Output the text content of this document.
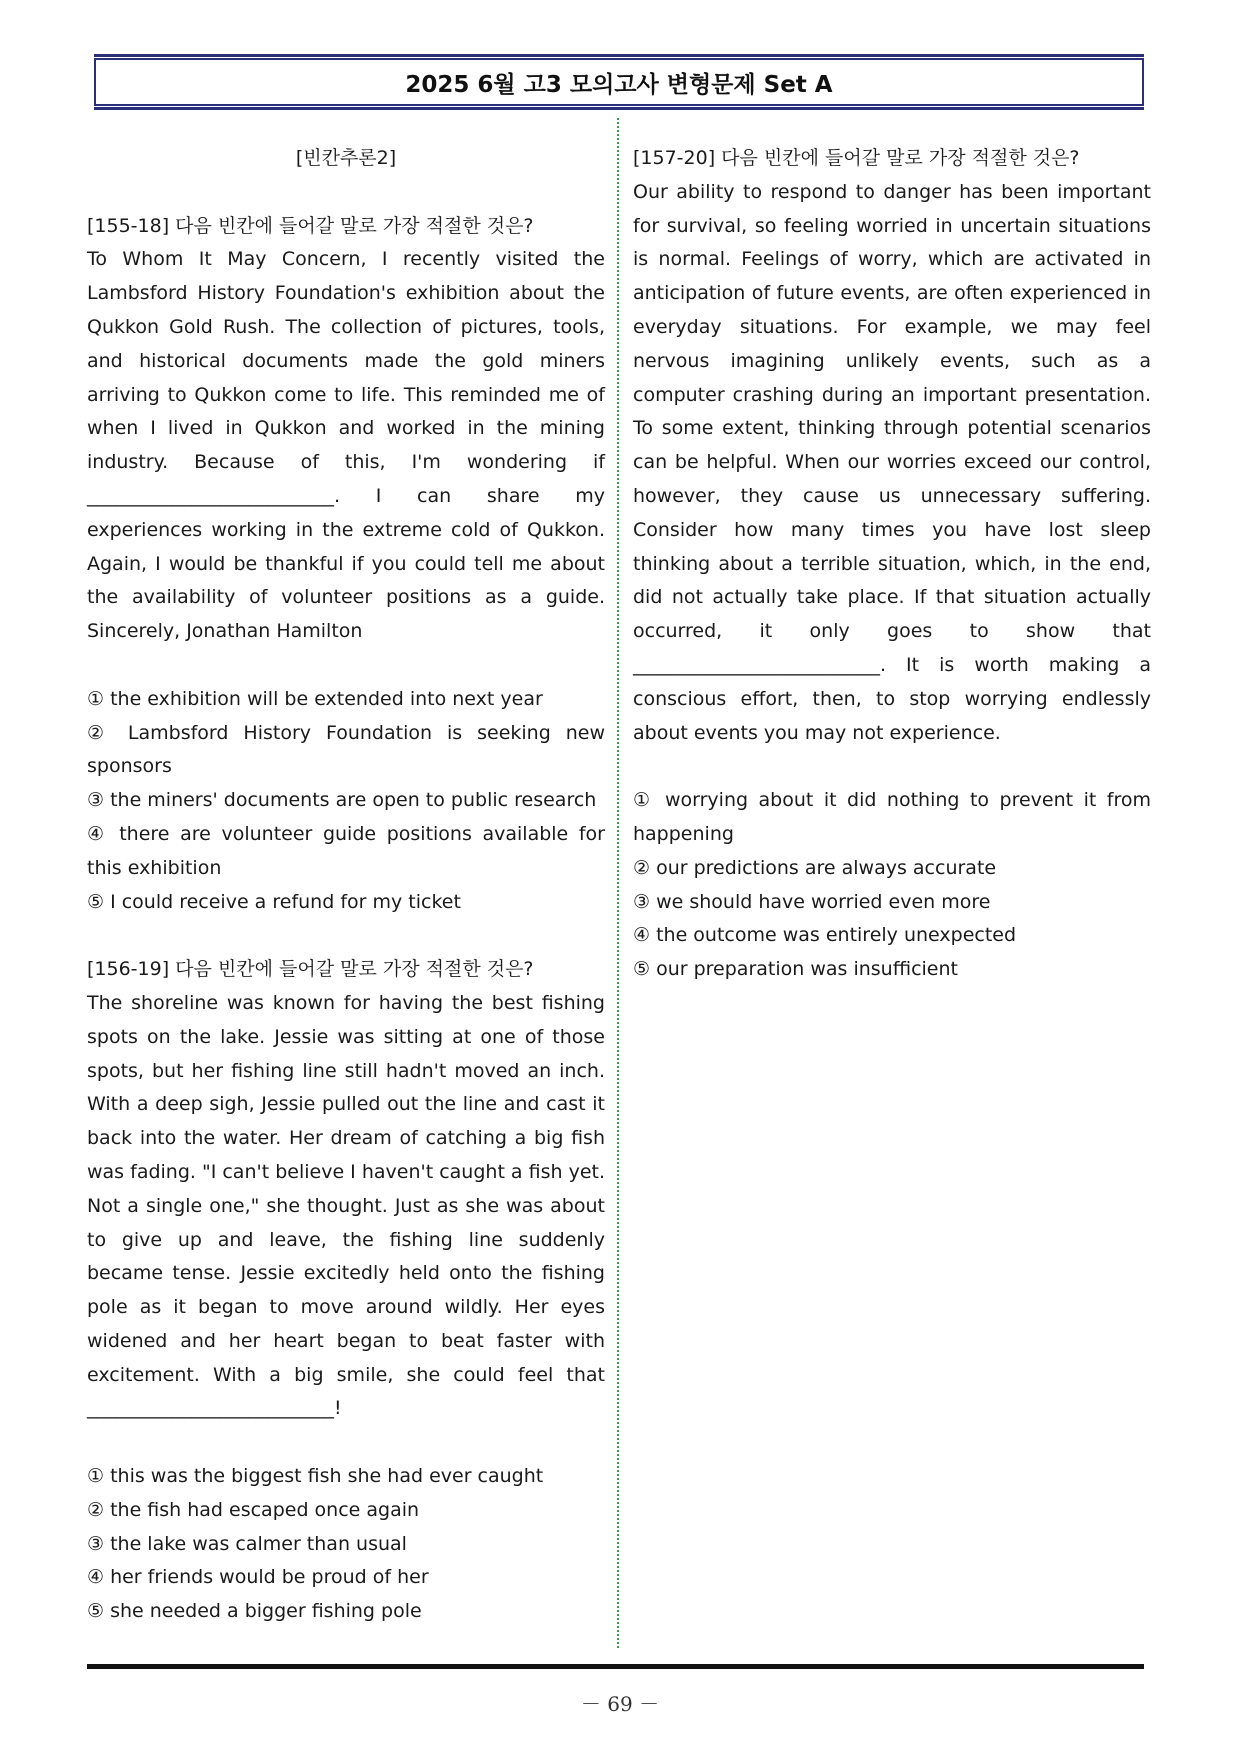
2025 6월 고3 모의고사 변형문제 Set A

[빈칸추론2]

[155-18] 다음 빈칸에 들어갈 말로 가장 적절한 것은?

To Whom It May Concern, I recently visited the Lambsford History Foundation's exhibition about the Qukkon Gold Rush. The collection of pictures, tools, and historical documents made the gold miners arriving to Qukkon come to life. This reminded me of when I lived in Qukkon and worked in the mining industry. Because of this, I'm wondering if __________________________. I can share my experiences working in the extreme cold of Qukkon. Again, I would be thankful if you could tell me about the availability of volunteer positions as a guide. Sincerely, Jonathan Hamilton

① the exhibition will be extended into next year

② Lambsford History Foundation is seeking new sponsors

③ the miners' documents are open to public research

④ there are volunteer guide positions available for this exhibition

⑤ I could receive a refund for my ticket

[156-19] 다음 빈칸에 들어갈 말로 가장 적절한 것은?

The shoreline was known for having the best fishing spots on the lake. Jessie was sitting at one of those spots, but her fishing line still hadn't moved an inch. With a deep sigh, Jessie pulled out the line and cast it back into the water. Her dream of catching a big fish was fading. "I can't believe I haven't caught a fish yet. Not a single one," she thought. Just as she was about to give up and leave, the fishing line suddenly became tense. Jessie excitedly held onto the fishing pole as it began to move around wildly. Her eyes widened and her heart began to beat faster with excitement. With a big smile, she could feel that __________________________!

① this was the biggest fish she had ever caught

② the fish had escaped once again

③ the lake was calmer than usual

④ her friends would be proud of her

⑤ she needed a bigger fishing pole

[157-20] 다음 빈칸에 들어갈 말로 가장 적절한 것은?

Our ability to respond to danger has been important for survival, so feeling worried in uncertain situations is normal. Feelings of worry, which are activated in anticipation of future events, are often experienced in everyday situations. For example, we may feel nervous imagining unlikely events, such as a computer crashing during an important presentation. To some extent, thinking through potential scenarios can be helpful. When our worries exceed our control, however, they cause us unnecessary suffering. Consider how many times you have lost sleep thinking about a terrible situation, which, in the end, did not actually take place. If that situation actually occurred, it only goes to show that __________________________. It is worth making a conscious effort, then, to stop worrying endlessly about events you may not experience.

① worrying about it did nothing to prevent it from happening

② our predictions are always accurate

③ we should have worried even more

④ the outcome was entirely unexpected

⑤ our preparation was insufficient

－ 69 －
